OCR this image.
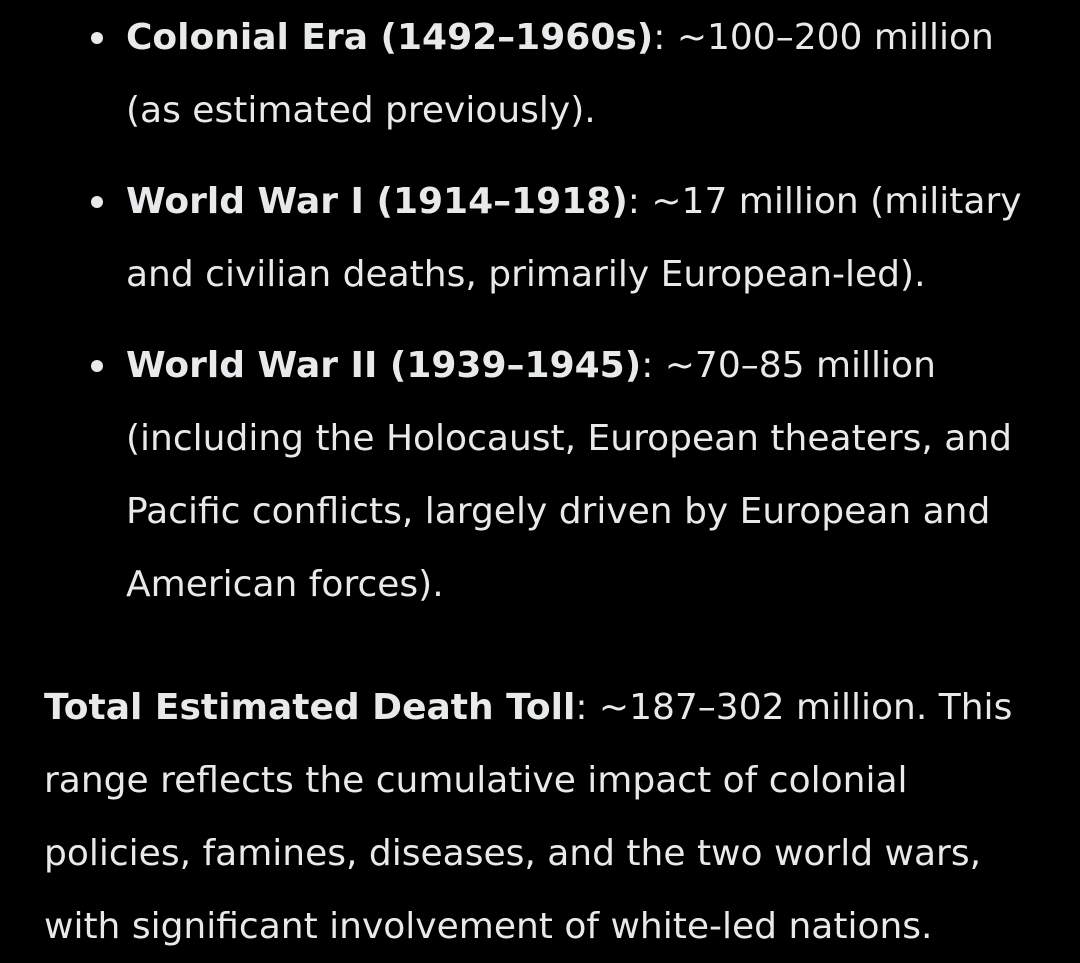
Colonial Era (1492–1960s): ~100–200 million (as estimated previously).
World War I (1914–1918): ~17 million (military and civilian deaths, primarily European-led).
World War II (1939–1945): ~70–85 million (including the Holocaust, European theaters, and Pacific conflicts, largely driven by European and American forces).

Total Estimated Death Toll: ~187–302 million. This range reflects the cumulative impact of colonial policies, famines, diseases, and the two world wars, with significant involvement of white-led nations.
